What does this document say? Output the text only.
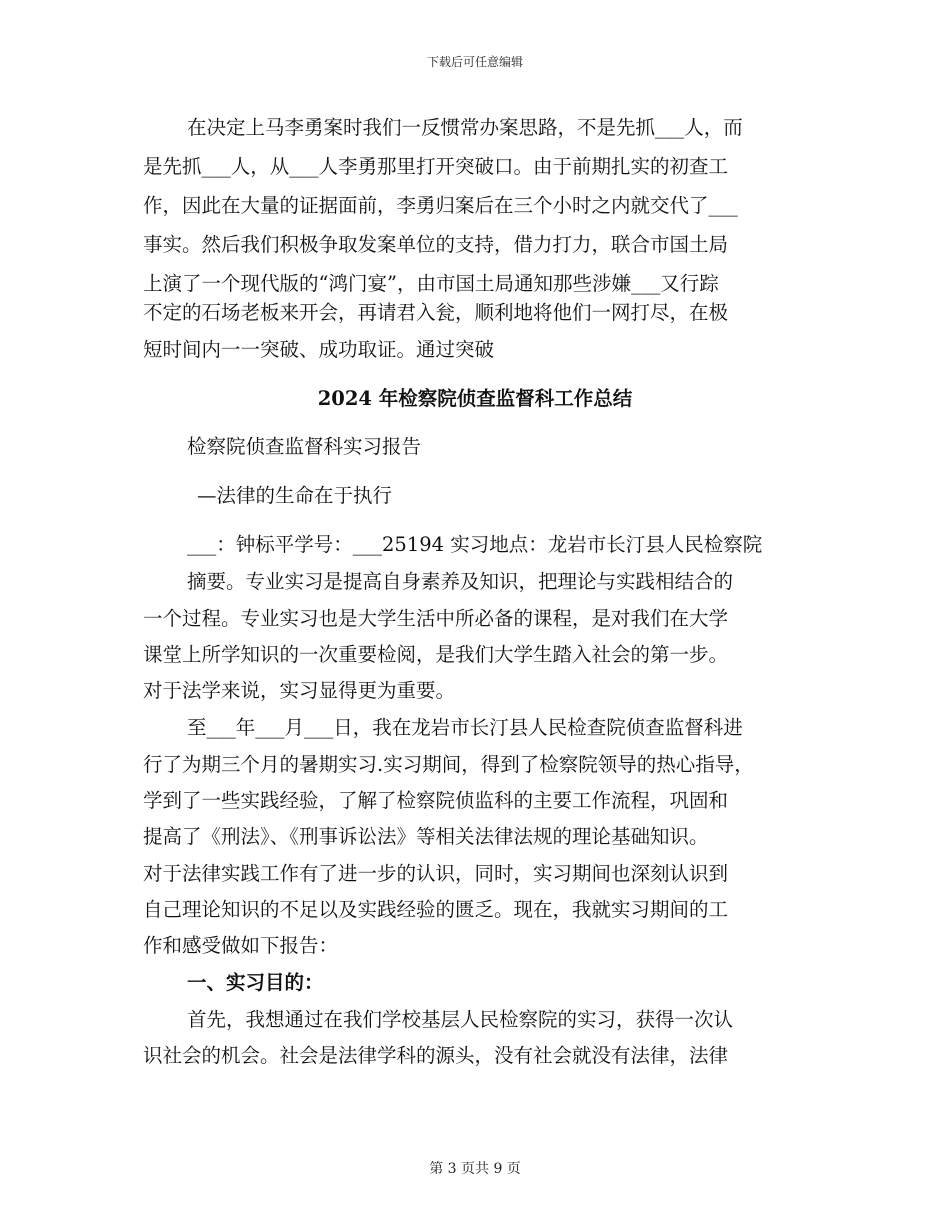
下载后可任意编辑
在决定上马李勇案时我们一反惯常办案思路，不是先抓___人，而
是先抓___人，从___人李勇那里打开突破口。由于前期扎实的初查工
作，因此在大量的证据面前，李勇归案后在三个小时之内就交代了___
事实。然后我们积极争取发案单位的支持，借力打力，联合市国土局
上演了一个现代版的“鸿门宴”，由市国土局通知那些涉嫌___又行踪
不定的石场老板来开会，再请君入瓮，顺利地将他们一网打尽，在极
短时间内一一突破、成功取证。通过突破
2024 年检察院侦查监督科工作总结
检察院侦查监督科实习报告
—法律的生命在于执行
___：钟标平学号：___25194 实习地点：龙岩市长汀县人民检察院
摘要。专业实习是提高自身素养及知识，把理论与实践相结合的
一个过程。专业实习也是大学生活中所必备的课程，是对我们在大学
课堂上所学知识的一次重要检阅，是我们大学生踏入社会的第一步。
对于法学来说，实习显得更为重要。
至___年___月___日，我在龙岩市长汀县人民检查院侦查监督科进
行了为期三个月的暑期实习.实习期间，得到了检察院领导的热心指导，
学到了一些实践经验，了解了检察院侦监科的主要工作流程，巩固和
提高了《刑法》、《刑事诉讼法》等相关法律法规的理论基础知识。
对于法律实践工作有了进一步的认识，同时，实习期间也深刻认识到
自己理论知识的不足以及实践经验的匮乏。现在，我就实习期间的工
作和感受做如下报告：
一、实习目的：
首先，我想通过在我们学校基层人民检察院的实习，获得一次认
识社会的机会。社会是法律学科的源头，没有社会就没有法律，法律
第 3 页共 9 页
